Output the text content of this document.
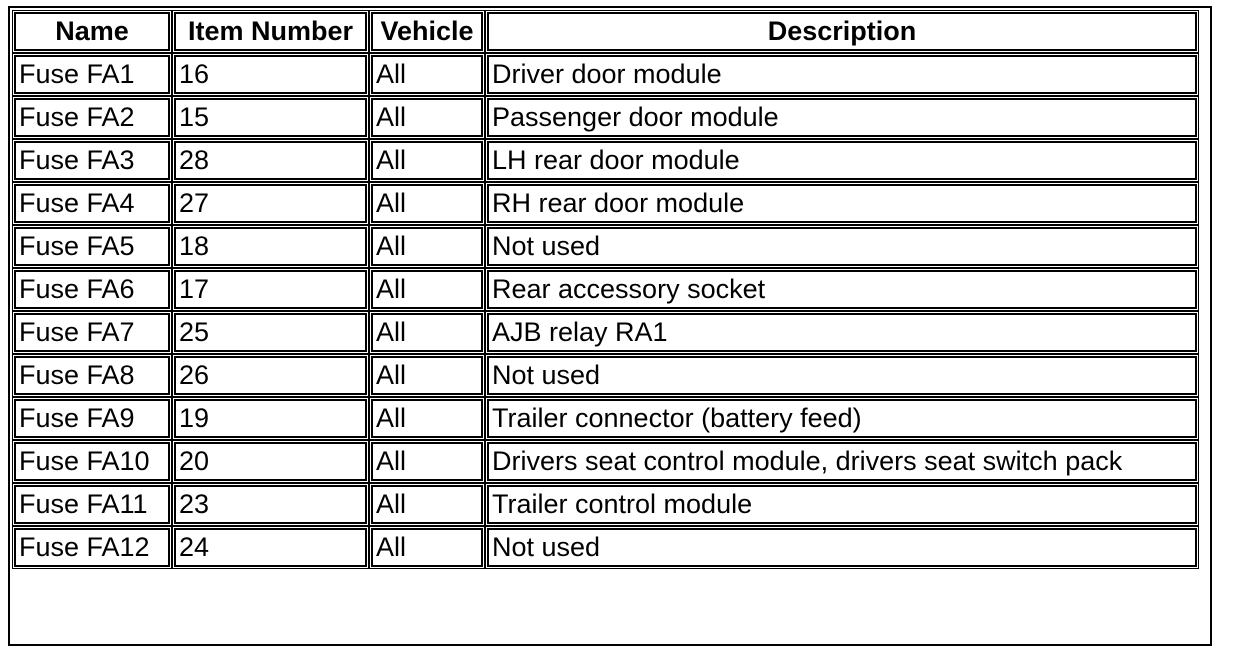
Name	Item Number	Vehicle	Description
Fuse FA1	16	All	Driver door module
Fuse FA2	15	All	Passenger door module
Fuse FA3	28	All	LH rear door module
Fuse FA4	27	All	RH rear door module
Fuse FA5	18	All	Not used
Fuse FA6	17	All	Rear accessory socket
Fuse FA7	25	All	AJB relay RA1
Fuse FA8	26	All	Not used
Fuse FA9	19	All	Trailer connector (battery feed)
Fuse FA10	20	All	Drivers seat control module, drivers seat switch pack
Fuse FA11	23	All	Trailer control module
Fuse FA12	24	All	Not used
